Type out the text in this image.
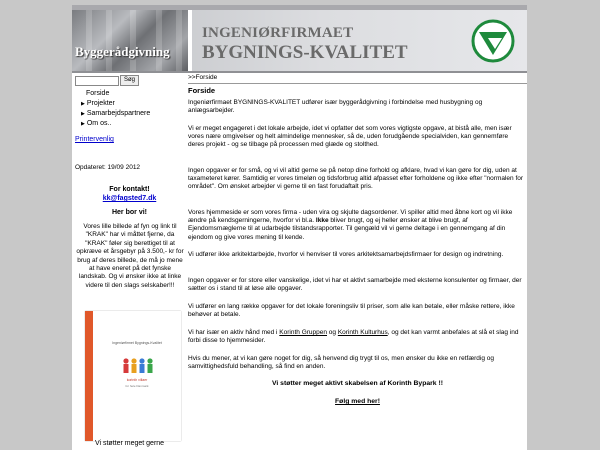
Byggerådgivning
INGENIØRFIRMAET
BYGNINGS-KVALITET
Søg
Forside
▶ Projekter
▶ Samarbejdspartnere
▶ Om os..
Printervenlig
Opdateret: 19/09 2012
For kontakt!
kk@fagsted7.dk
Her bor vi!
Vores lille billede af fyn og link til "KRAK" har vi måttet fjerne, da "KRAK" føler sig berettiget til at opkræve et årsgebyr på 3.500,- kr for brug af deres billede, de må jo mene at have eneret på det fynske landskab. Og vi ønsker ikke at linke videre til den slags selskaber!!!
Ingeniørfirmet Bygnings-Kvalitet
korinth villaer
for hele Danmark
Vi støtter meget gerne
>>Forside
Forside
Ingeniørfirmaet BYGNINGS-KVALITET udfører især byggerådgivning i forbindelse med husbygning og anlægsarbejder.
Vi er meget engageret i det lokale arbejde, idet vi opfatter det som vores vigtigste opgave, at bistå alle, men især vores nære omgivelser og helt almindelige mennesker, så de, uden forudgående specialviden, kan gennemføre deres projekt - og se tilbage på processen med glæde og stolthed.
Ingen opgaver er for små, og vi vil altid gerne se på netop dine forhold og afklare, hvad vi kan gøre for dig, uden at taxameteret kører. Samtidig er vores timeløn og tidsforbrug altid afpasset efter forholdene og ikke efter "normalen for området". Om ønsket arbejder vi gerne til en fast forudaftalt pris.
Vores hjemmeside er som vores firma - uden vira og skjulte dagsordener. Vi spiller altid med åbne kort og vil ikke ændre på kendsgerningerne, hvorfor vi bl.a. Ikke bliver brugt, og ej heller ønsker at blive brugt, af Ejendomsmæglerne til at udarbejde tilstandsrapporter. Til gengæld vil vi gerne deltage i en gennemgang af din ejendom og give vores mening til kende.
Vi udfører ikke arkitektarbejde, hvorfor vi henviser til vores arkitektsamarbejdsfirmaer for design og indretning.
Ingen opgaver er for store eller vanskelige, idet vi har et aktivt samarbejde med eksterne konsulenter og firmaer, der sætter os i stand til at løse alle opgaver.
Vi udfører en lang række opgaver for det lokale foreningsliv til priser, som alle kan betale, eller måske rettere, ikke behøver at betale.
Vi har især en aktiv hånd med i Korinth Gruppen og Korinth Kulturhus, og det kan varmt anbefales at slå et slag ind forbi disse to hjemmesider.
Hvis du mener, at vi kan gøre noget for dig, så henvend dig trygt til os, men ønsker du ikke en retfærdig og samvittighedsfuld behandling, så find en anden.
Vi støtter meget aktivt skabelsen af Korinth Bypark !!
Følg med her!
